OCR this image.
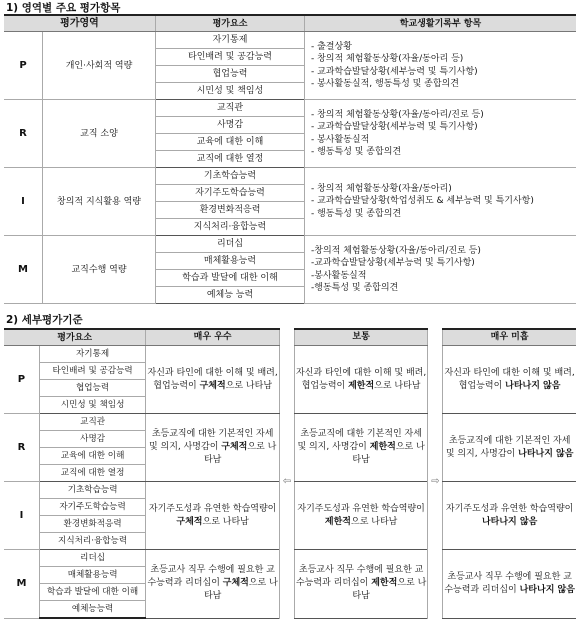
1) 영역별 주요 평가항목
평가영역		평가요소	학교생활기록부 항목
P	개인·사회적 역량	자기통제	- 출결상황
- 창의적 체험활동상황(자율/동아리 등)
- 교과학습발달상황(세부능력 및 특기사항)
- 봉사활동실적, 행동특성 및 종합의견

		타인배려 및 공감능력	
		협업능력	
		시민성 및 책임성	
R	교직 소양	교직관	- 창의적 체험활동상황(자율/동아리/진로 등)
- 교과학습발달상황(세부능력 및 특기사항)
- 봉사활동실적
- 행동특성 및 종합의견

		사명감	
		교육에 대한 이해	
		교직에 대한 열정	
I	창의적 지식활용 역량	기초학습능력	- 창의적 체험활동상황(자율/동아리)
- 교과학습발달상황(학업성취도 & 세부능력 및 특기사항)
- 행동특성 및 종합의견

		자기주도학습능력	
		환경변화적응력	
		지식처리·융합능력	
M	교직수행 역량	리더십	-창의적 체험활동상황(자율/동아리/진로 등)
-교과학습발달상황(세부능력 및 특기사항)
-봉사활동실적
-행동특성 및 종합의견

		매체활용능력	
		학습과 발달에 대한 이해	
		예체능 능력	
2) 세부평가기준
평가요소		매우 우수		보통		매우 미흡
P	자기통제	자신과 타인에 대한 이해 및 배려, 협업능력이 구체적으로 나타남	⇦	자신과 타인에 대한 이해 및 배려, 협업능력이 제한적으로 나타남	⇨	자신과 타인에 대한 이해 및 배려, 협업능력이 나타나지 않음
	타인배려 및 공감능력					
	협업능력					
	시민성 및 책임성					
R	교직관	초등교직에 대한 기본적인 자세 및 의지, 사명감이 구체적으로 나타남		초등교직에 대한 기본적인 자세 및 의지, 사명감이 제한적으로 나타남		초등교직에 대한 기본적인 자세 및 의지, 사명감이 나타나지 않음
	사명감					
	교육에 대한 이해					
	교직에 대한 열정					
I	기초학습능력	자기주도성과 유연한 학습역량이 구체적으로 나타남		자기주도성과 유연한 학습역량이 제한적으로 나타남		자기주도성과 유연한 학습역량이 나타나지 않음
	자기주도학습능력					
	환경변화적응력					
	지식처리·융합능력					
M	리더십	초등교사 직무 수행에 필요한 교수능력과 리더십이 구체적으로 나타남		초등교사 직무 수행에 필요한 교수능력과 리더십이 제한적으로 나타남		초등교사 직무 수행에 필요한 교수능력과 리더십이 나타나지 않음
	매체활용능력					
	학습과 발달에 대한 이해					
	예체능능력					
